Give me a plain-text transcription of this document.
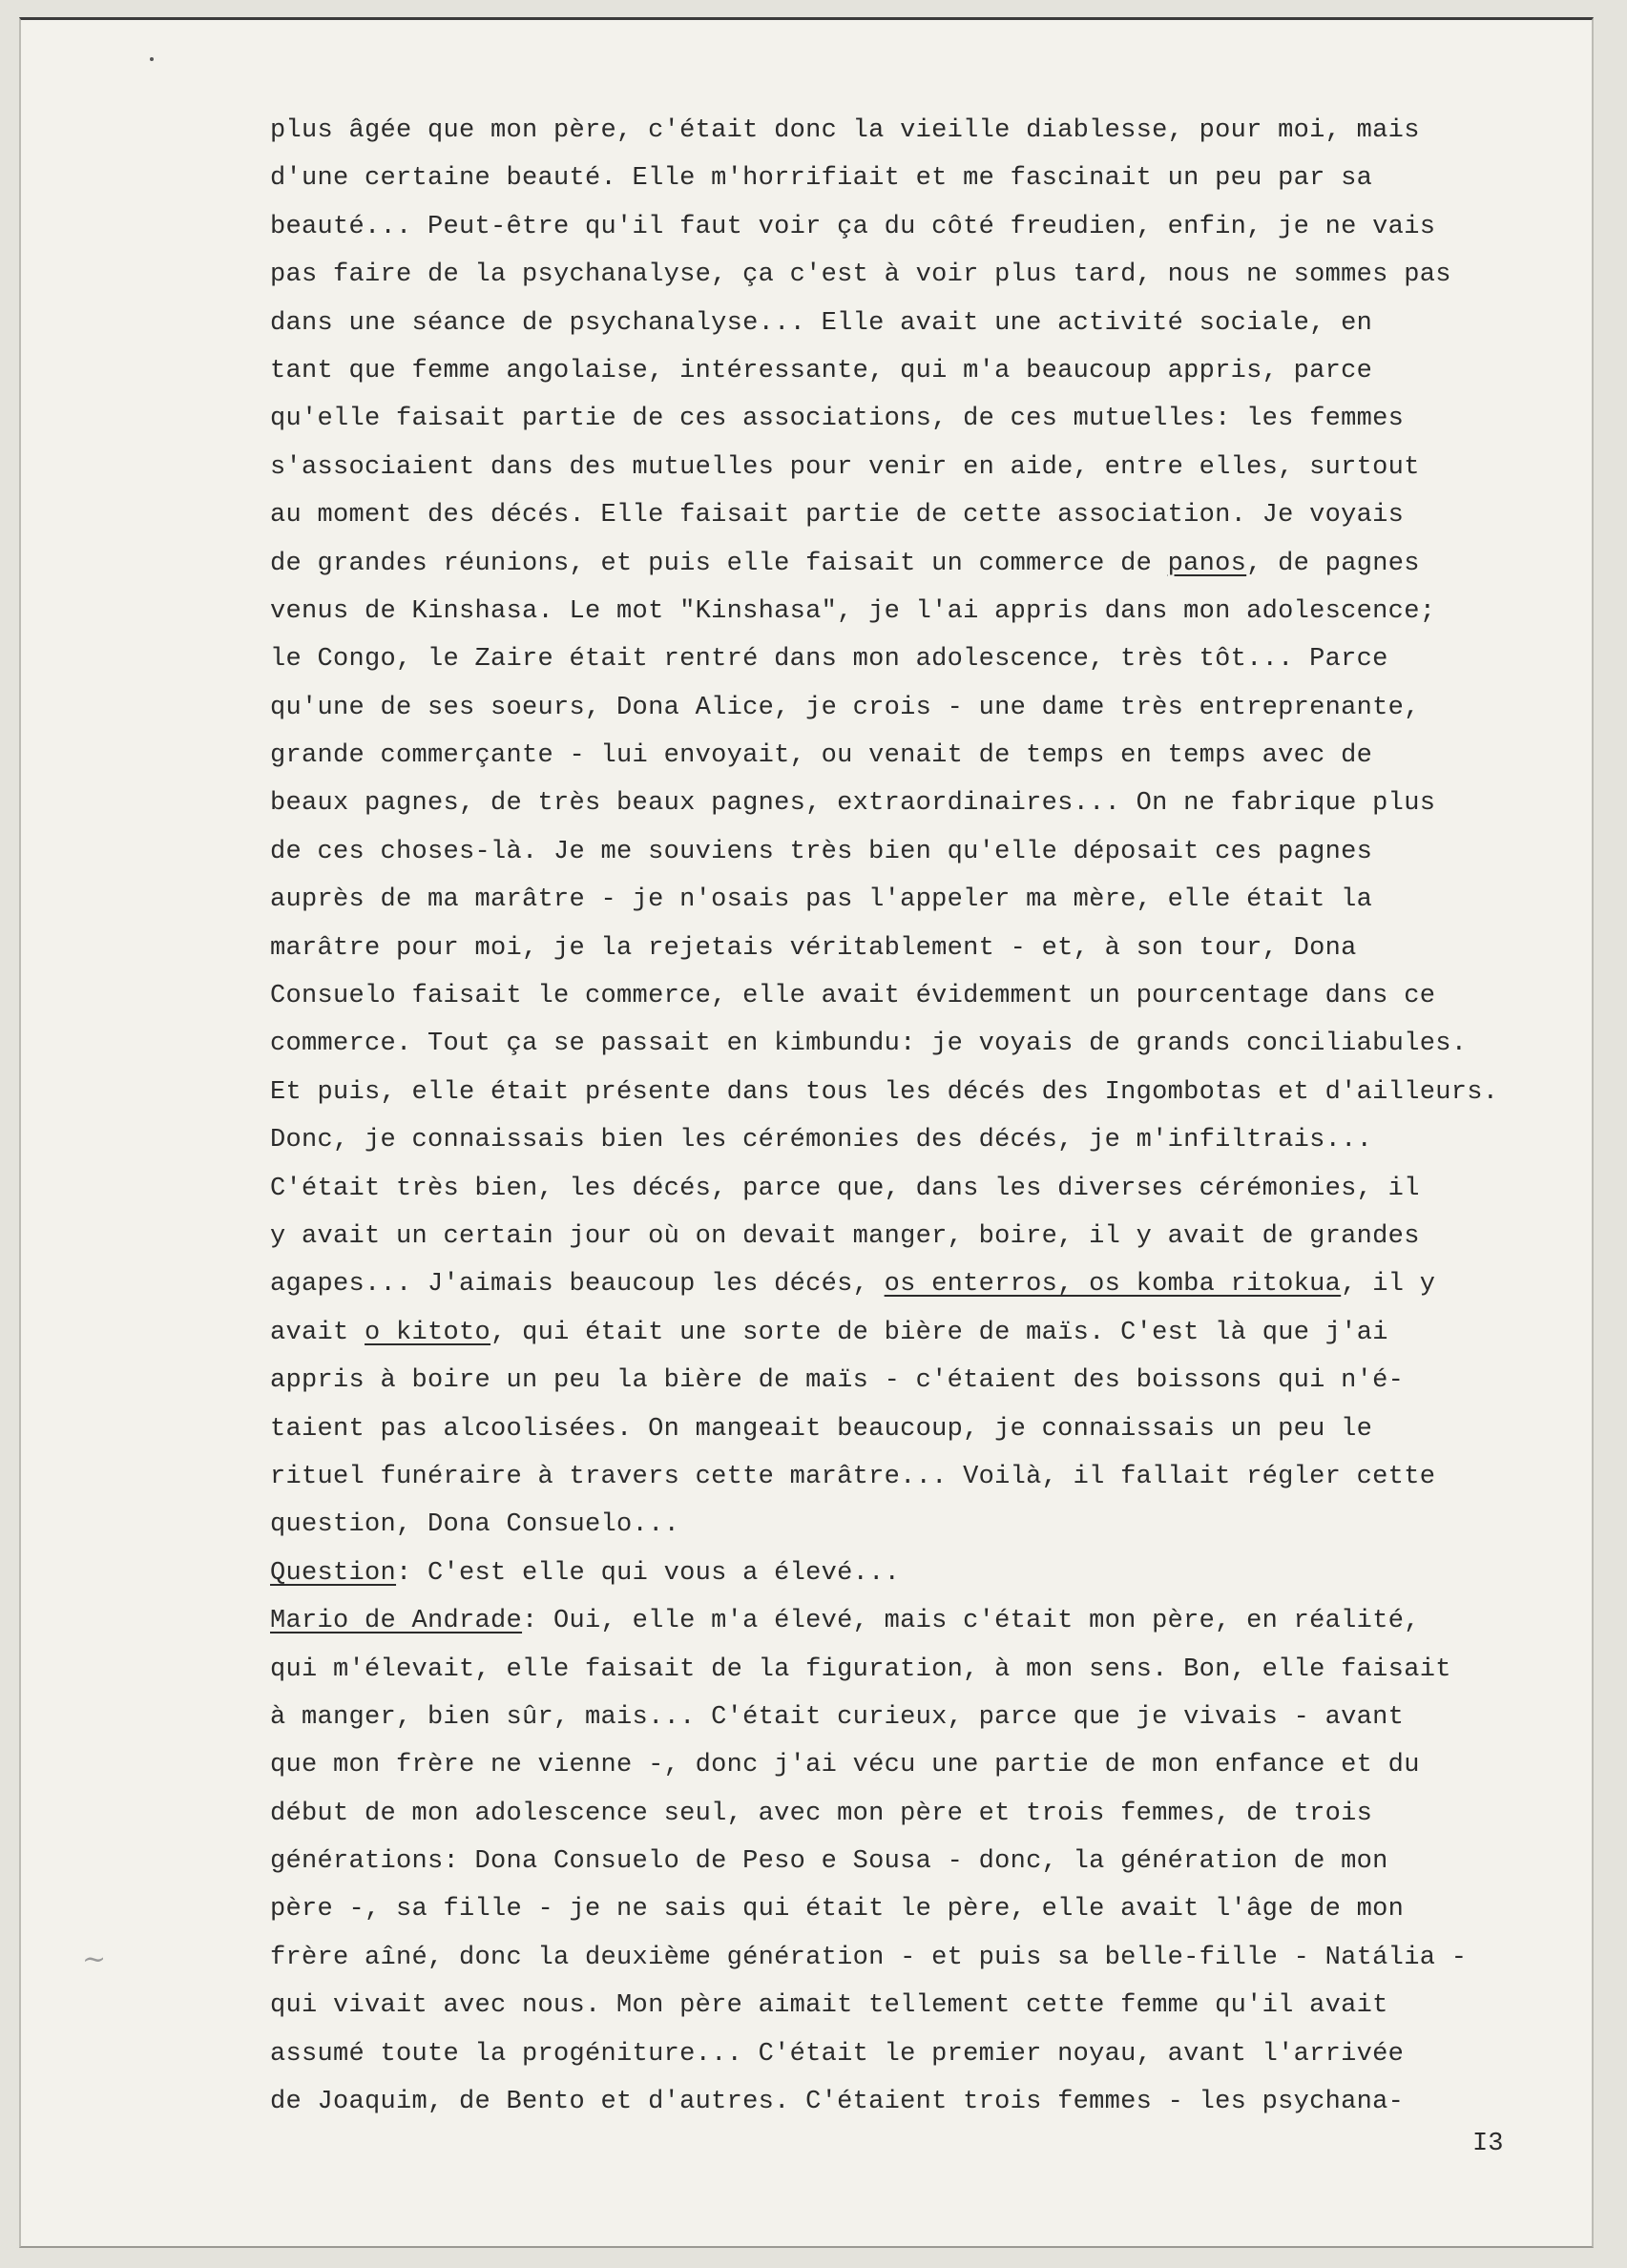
~
plus âgée que mon père, c'était donc la vieille diablesse, pour moi, mais
d'une certaine beauté. Elle m'horrifiait et me fascinait un peu par sa
beauté... Peut-être qu'il faut voir ça du côté freudien, enfin, je ne vais
pas faire de la psychanalyse, ça c'est à voir plus tard, nous ne sommes pas
dans une séance de psychanalyse... Elle avait une activité sociale, en
tant que femme angolaise, intéressante, qui m'a beaucoup appris, parce
qu'elle faisait partie de ces associations, de ces mutuelles: les femmes
s'associaient dans des mutuelles pour venir en aide, entre elles, surtout
au moment des décés. Elle faisait partie de cette association. Je voyais
de grandes réunions, et puis elle faisait un commerce de panos, de pagnes
venus de Kinshasa. Le mot "Kinshasa", je l'ai appris dans mon adolescence;
le Congo, le Zaire était rentré dans mon adolescence, très tôt... Parce
qu'une de ses soeurs, Dona Alice, je crois - une dame très entreprenante,
grande commerçante - lui envoyait, ou venait de temps en temps avec de
beaux pagnes, de très beaux pagnes, extraordinaires... On ne fabrique plus
de ces choses-là. Je me souviens très bien qu'elle déposait ces pagnes
auprès de ma marâtre - je n'osais pas l'appeler ma mère, elle était la
marâtre pour moi, je la rejetais véritablement - et, à son tour, Dona
Consuelo faisait le commerce, elle avait évidemment un pourcentage dans ce
commerce. Tout ça se passait en kimbundu: je voyais de grands conciliabules.
Et puis, elle était présente dans tous les décés des Ingombotas et d'ailleurs.
Donc, je connaissais bien les cérémonies des décés, je m'infiltrais...
C'était très bien, les décés, parce que, dans les diverses cérémonies, il
y avait un certain jour où on devait manger, boire, il y avait de grandes
agapes... J'aimais beaucoup les décés, os enterros, os komba ritokua, il y
avait o kitoto, qui était une sorte de bière de maïs. C'est là que j'ai
appris à boire un peu la bière de maïs - c'étaient des boissons qui n'é-
taient pas alcoolisées. On mangeait beaucoup, je connaissais un peu le
rituel funéraire à travers cette marâtre... Voilà, il fallait régler cette
question, Dona Consuelo...
Question: C'est elle qui vous a élevé...
Mario de Andrade: Oui, elle m'a élevé, mais c'était mon père, en réalité,
qui m'élevait, elle faisait de la figuration, à mon sens. Bon, elle faisait
à manger, bien sûr, mais... C'était curieux, parce que je vivais - avant
que mon frère ne vienne -, donc j'ai vécu une partie de mon enfance et du
début de mon adolescence seul, avec mon père et trois femmes, de trois
générations: Dona Consuelo de Peso e Sousa - donc, la génération de mon
père -, sa fille - je ne sais qui était le père, elle avait l'âge de mon
frère aîné, donc la deuxième génération - et puis sa belle-fille - Natália -
qui vivait avec nous. Mon père aimait tellement cette femme qu'il avait
assumé toute la progéniture... C'était le premier noyau, avant l'arrivée
de Joaquim, de Bento et d'autres. C'étaient trois femmes - les psychana-
I3
